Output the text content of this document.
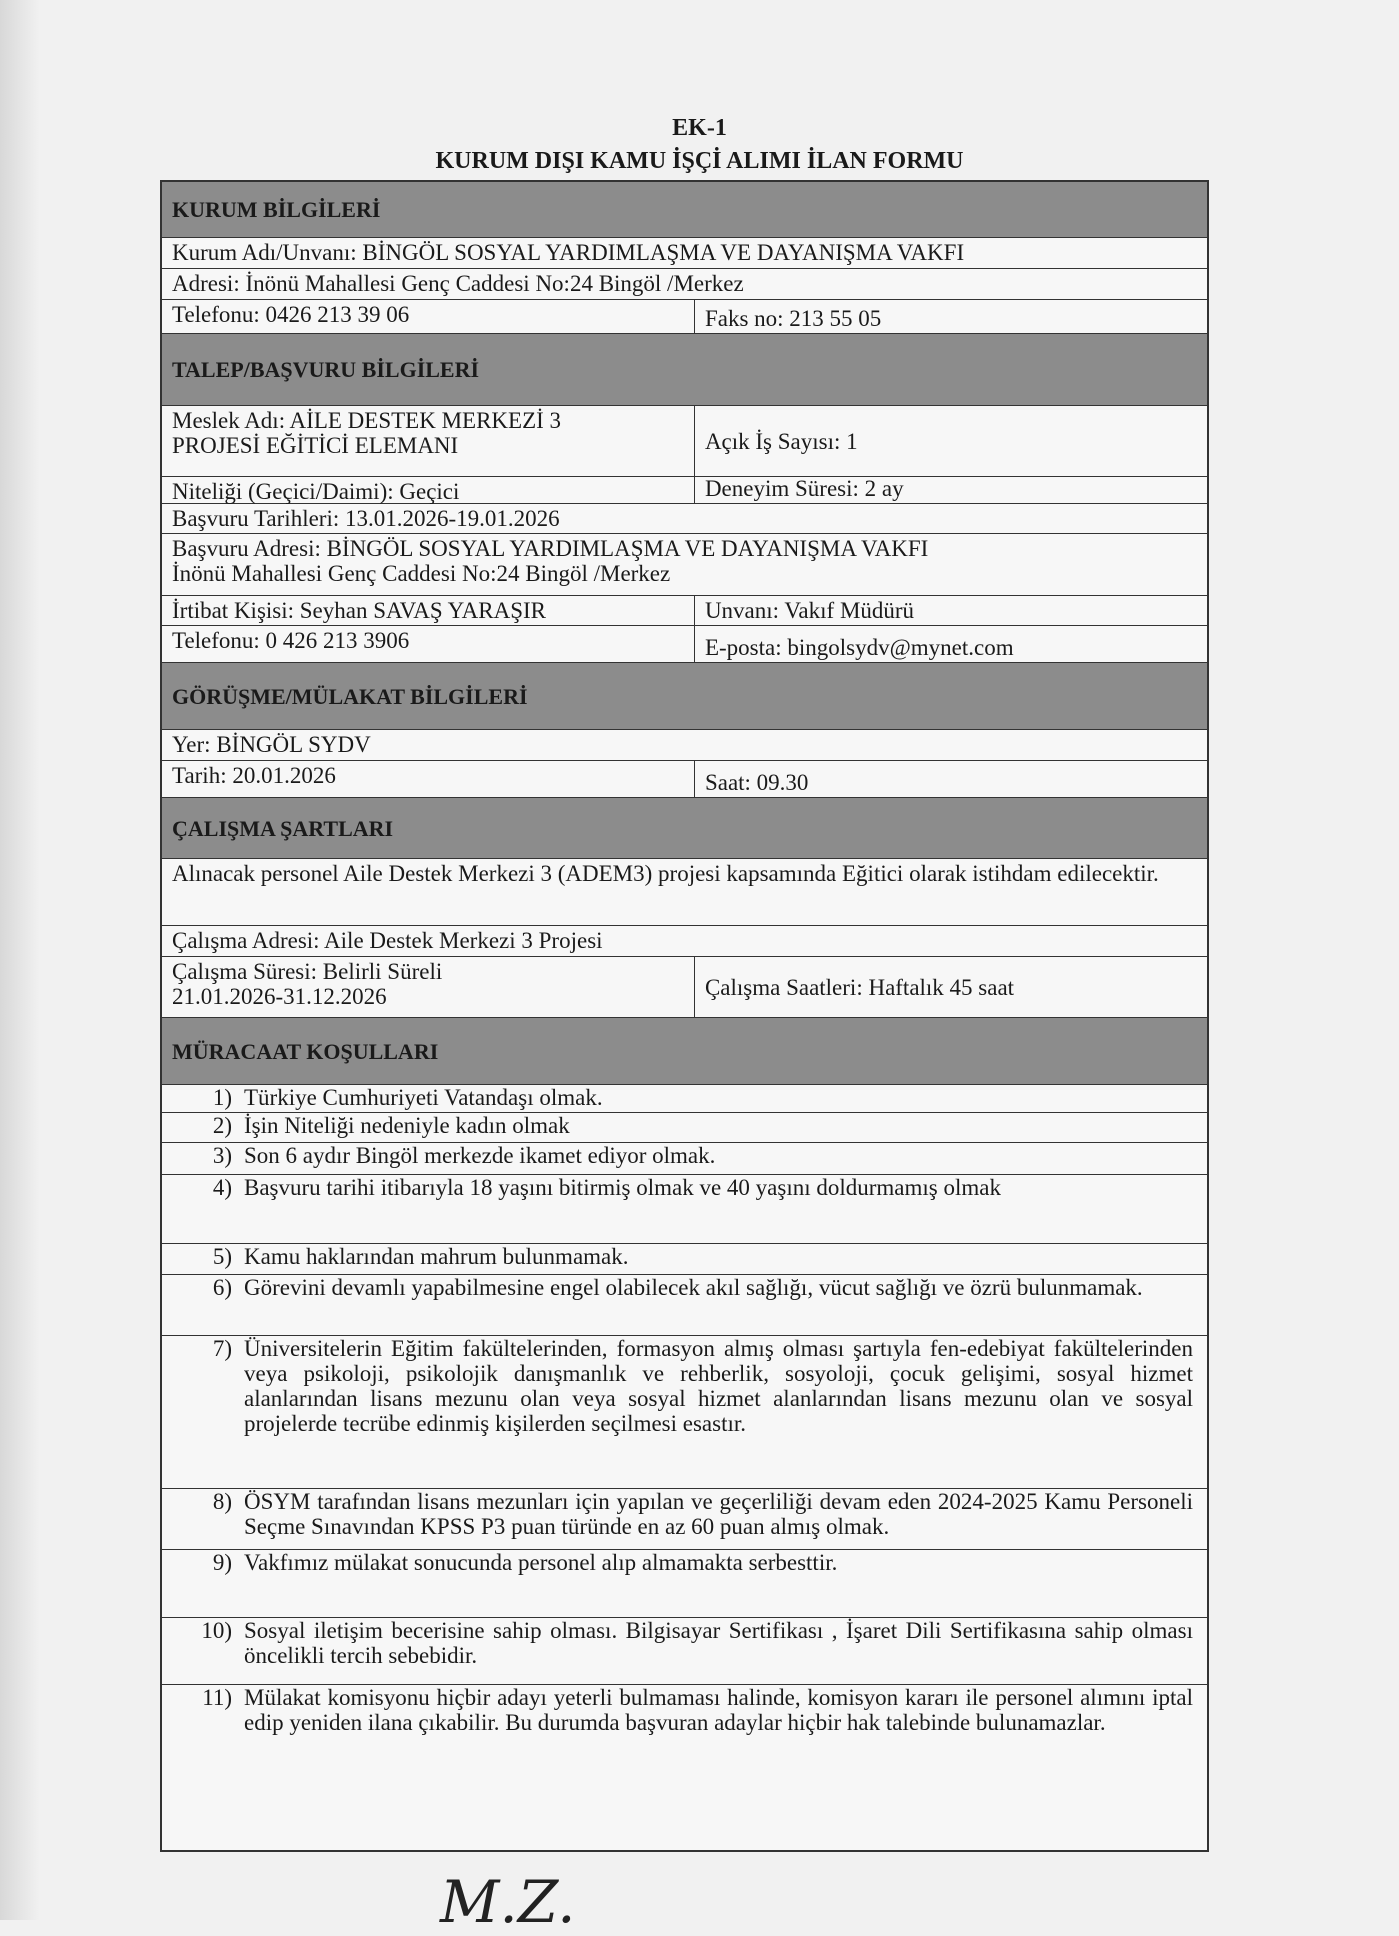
EK-1
KURUM DIŞI KAMU İŞÇİ ALIMI İLAN FORMU
KURUM BİLGİLERİ
Kurum Adı/Unvanı: BİNGÖL SOSYAL YARDIMLAŞMA VE DAYANIŞMA VAKFI
Adresi: İnönü Mahallesi Genç Caddesi No:24 Bingöl /Merkez
Telefonu: 0426 213 39 06	Faks no: 213 55 05
TALEP/BAŞVURU BİLGİLERİ
Meslek Adı: AİLE DESTEK MERKEZİ 3
PROJESİ EĞİTİCİ ELEMANI	Açık İş Sayısı: 1
Niteliği (Geçici/Daimi): Geçici	Deneyim Süresi: 2 ay
Başvuru Tarihleri: 13.01.2026-19.01.2026
Başvuru Adresi: BİNGÖL SOSYAL YARDIMLAŞMA VE DAYANIŞMA VAKFI
İnönü Mahallesi Genç Caddesi No:24 Bingöl /Merkez
İrtibat Kişisi: Seyhan SAVAŞ YARAŞIR	Unvanı: Vakıf Müdürü
Telefonu: 0 426 213 3906	E-posta: bingolsydv@mynet.com
GÖRÜŞME/MÜLAKAT BİLGİLERİ
Yer: BİNGÖL SYDV
Tarih: 20.01.2026	Saat: 09.30
ÇALIŞMA ŞARTLARI
Alınacak personel Aile Destek Merkezi 3 (ADEM3) projesi kapsamında Eğitici olarak istihdam edilecektir.
Çalışma Adresi: Aile Destek Merkezi 3 Projesi
Çalışma Süresi: Belirli Süreli
21.01.2026-31.12.2026	Çalışma Saatleri: Haftalık 45 saat
MÜRACAAT KOŞULLARI
1) Türkiye Cumhuriyeti Vatandaşı olmak.
2) İşin Niteliği nedeniyle kadın olmak
3) Son 6 aydır Bingöl merkezde ikamet ediyor olmak.
4) Başvuru tarihi itibarıyla 18 yaşını bitirmiş olmak ve 40 yaşını doldurmamış olmak
5) Kamu haklarından mahrum bulunmamak.
6) Görevini devamlı yapabilmesine engel olabilecek akıl sağlığı, vücut sağlığı ve özrü bulunmamak.
7) Üniversitelerin Eğitim fakültelerinden, formasyon almış olması şartıyla fen-edebiyat fakültelerinden veya psikoloji, psikolojik danışmanlık ve rehberlik, sosyoloji, çocuk gelişimi, sosyal hizmet alanlarından lisans mezunu olan veya sosyal hizmet alanlarından lisans mezunu olan ve sosyal projelerde tecrübe edinmiş kişilerden seçilmesi esastır.
8) ÖSYM tarafından lisans mezunları için yapılan ve geçerliliği devam eden 2024-2025 Kamu Personeli Seçme Sınavından KPSS P3 puan türünde en az 60 puan almış olmak.
9) Vakfımız mülakat sonucunda personel alıp almamakta serbesttir.
10) Sosyal iletişim becerisine sahip olması. Bilgisayar Sertifikası , İşaret Dili Sertifikasına sahip olması öncelikli tercih sebebidir.
11) Mülakat komisyonu hiçbir adayı yeterli bulmaması halinde, komisyon kararı ile personel alımını iptal edip yeniden ilana çıkabilir. Bu durumda başvuran adaylar hiçbir hak talebinde bulunamazlar.
M.Z.
